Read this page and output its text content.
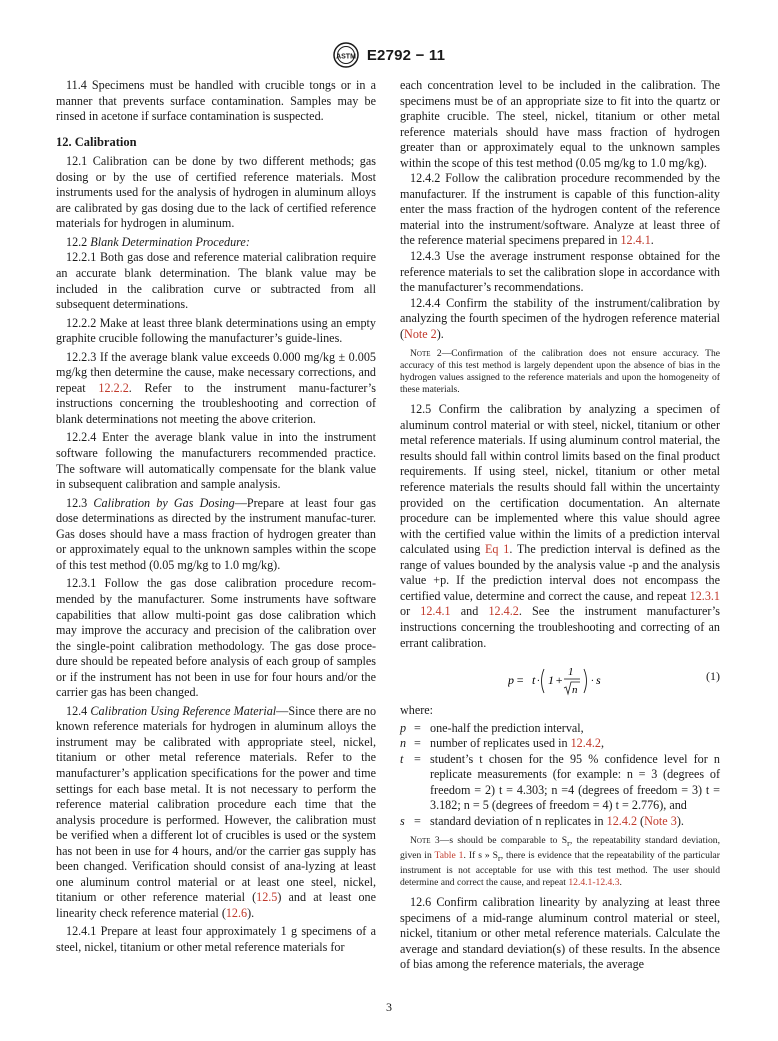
ASTM E2792 − 11

11.4 Specimens must be handled with crucible tongs or in a manner that prevents surface contamination. Samples may be rinsed in acetone if surface contamination is suspected.

12. Calibration

12.1 Calibration can be done by two different methods; gas dosing or by the use of certified reference materials. Most instruments used for the analysis of hydrogen in aluminum alloys are calibrated by gas dosing due to the lack of certified reference materials for hydrogen in aluminum.

12.2 Blank Determination Procedure:

12.2.1 Both gas dose and reference material calibration require an accurate blank determination. The blank value may be included in the calibration curve or subtracted from all subsequent determinations.

12.2.2 Make at least three blank determinations using an empty graphite crucible following the manufacturer’s guide-lines.

12.2.3 If the average blank value exceeds 0.000 mg/kg ± 0.005 mg/kg then determine the cause, make necessary corrections, and repeat 12.2.2. Refer to the instrument manu-facturer’s instructions concerning the troubleshooting and correction of blank determinations not meeting the above criterion.

12.2.4 Enter the average blank value in into the instrument software following the manufacturers recommended practice. The software will automatically compensate for the blank value in subsequent calibration and sample analysis.

12.3 Calibration by Gas Dosing—Prepare at least four gas dose determinations as directed by the instrument manufac-turer. Gas doses should have a mass fraction of hydrogen greater than or approximately equal to the unknown samples within the scope of this test method (0.05 mg/kg to 1.0 mg/kg).

12.3.1 Follow the gas dose calibration procedure recom-mended by the manufacturer. Some instruments have software capabilities that allow multi-point gas dose calibration which may improve the accuracy and precision of the calibration over the single-point calibration methodology. The gas dose proce-dure should be repeated before analysis of each group of samples or if the instrument has not been in use for four hours and/or the carrier gas has been changed.

12.4 Calibration Using Reference Material—Since there are no known reference materials for hydrogen in aluminum alloys the instrument may be calibrated with appropriate steel, nickel, titanium or other metal reference materials. Refer to the manufacturer’s application specifications for the power and time settings for each base metal. It is not necessary to perform the reference material calibration procedure each time that the analysis procedure is performed. However, the calibration must be verified when a different lot of crucibles is used or the system has not been in use for 4 hours, and/or the carrier gas supply has been changed. Verification should consist of ana-lyzing at least one aluminum control material or at least one steel, nickel, titanium or other reference material (12.5) and at least one linearity check reference material (12.6).

12.4.1 Prepare at least four approximately 1 g specimens of a steel, nickel, titanium or other metal reference materials for

each concentration level to be included in the calibration. The specimens must be of an appropriate size to fit into the quartz or graphite crucible. The steel, nickel, titanium or other metal reference materials should have mass fraction of hydrogen greater than or approximately equal to the unknown samples within the scope of this test method (0.05 mg/kg to 1.0 mg/kg).

12.4.2 Follow the calibration procedure recommended by the manufacturer. If the instrument is capable of this function-ality enter the mass fraction of the hydrogen content of the reference material into the instrument/software. Analyze at least three of the reference material specimens prepared in 12.4.1.

12.4.3 Use the average instrument response obtained for the reference materials to set the calibration slope in accordance with the manufacturer’s recommendations.

12.4.4 Confirm the stability of the instrument/calibration by analyzing the fourth specimen of the hydrogen reference material (Note 2).

Note 2—Confirmation of the calibration does not ensure accuracy. The accuracy of this test method is largely dependent upon the absence of bias in the hydrogen values assigned to the reference materials and upon the homogeneity of these materials.

12.5 Confirm the calibration by analyzing a specimen of aluminum control material or with steel, nickel, titanium or other metal reference materials. If using aluminum control material, the results should fall within control limits based on the final product requirements. If using steel, nickel, titanium or other metal reference materials the results should fall within the uncertainty provided on the certification documentation. An alternate procedure can be implemented where this value should agree with the certified value within the limits of a prediction interval calculated using Eq 1. The prediction interval is defined as the range of values bounded by the analysis value -p and the analysis value +p. If the prediction interval does not encompass the certified value, determine and correct the cause, and repeat 12.3.1 or 12.4.1 and 12.4.2. See the instrument manufacturer’s instructions concerning the troubleshooting and correcting of an errant calibration.

p = t · 1 +
1
n
· s	(1)

where:

p = one-half the prediction interval,
n = number of replicates used in 12.4.2,
t = student’s t chosen for the 95 % confidence level for n replicate measurements (for example: n = 3 (degrees of freedom = 2) t = 4.303; n =4 (degrees of freedom = 3) t = 3.182; n = 5 (degrees of freedom = 4) t = 2.776), and
s = standard deviation of n replicates in 12.4.2 (Note 3).
Note 3—s should be comparable to $S_r$, the repeatability standard deviation, given in Table 1. If s » $S_r$, there is evidence that the repeatability of the particular instrument is not acceptable for use with this test method. The user should determine and correct the cause, and repeat 12.4.1-12.4.3.

12.6 Confirm calibration linearity by analyzing at least three specimens of a mid-range aluminum control material or steel, nickel, titanium or other metal reference materials. Calculate the average and standard deviation(s) of these results. In the absence of bias among the reference materials, the average

3
